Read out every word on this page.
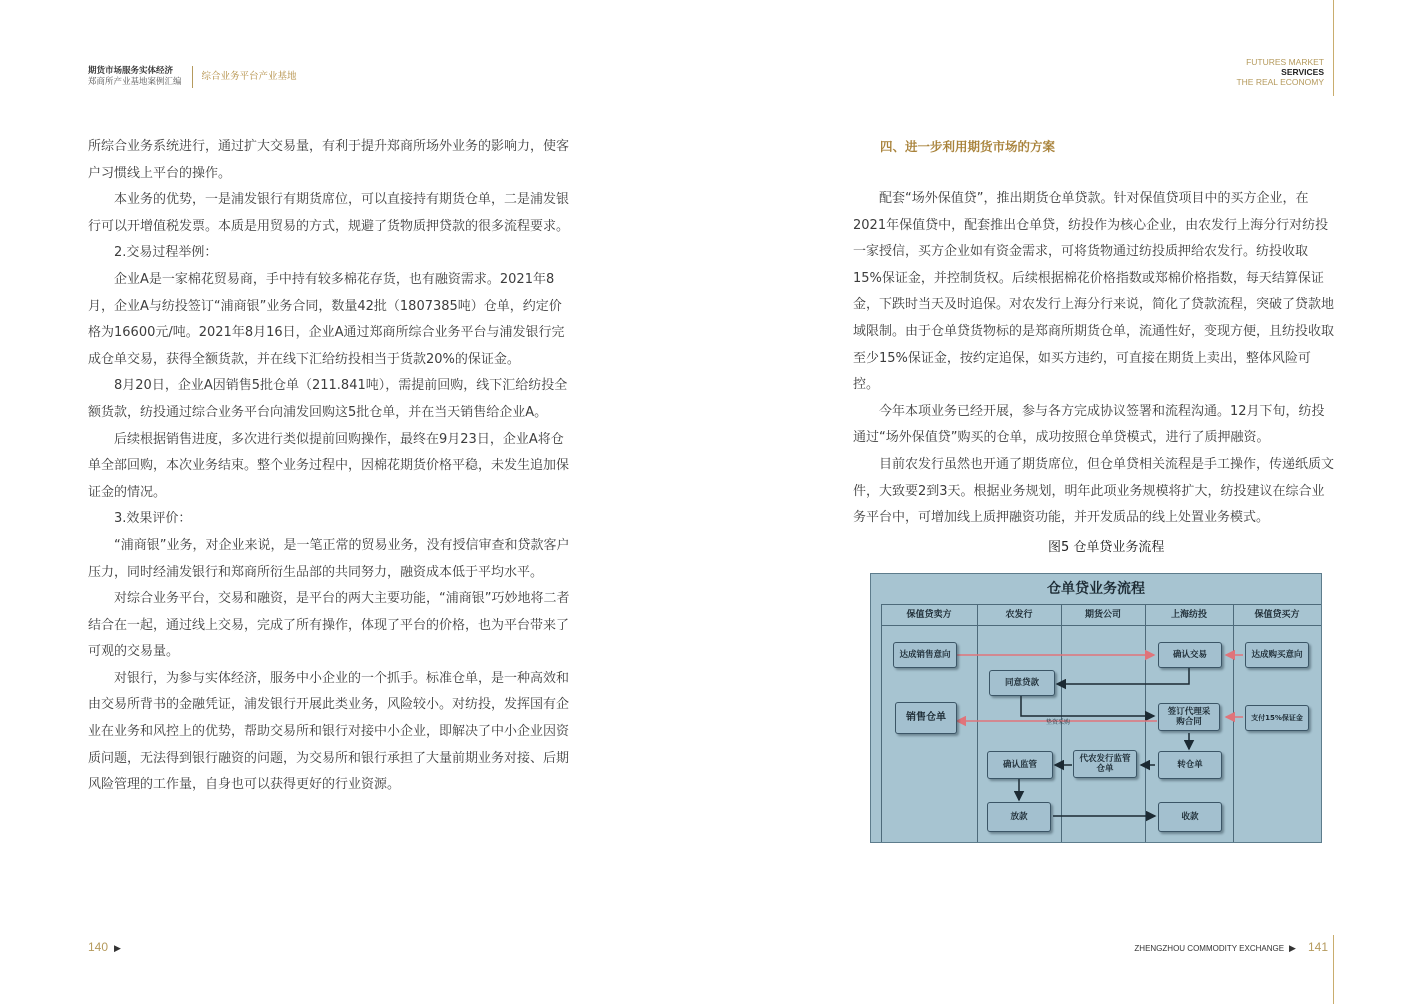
期货市场服务实体经济
郑商所产业基地案例汇编 综合业务平台产业基地

所综合业务系统进行，通过扩大交易量，有利于提升郑商所场外业务的影响力，使客户习惯线上平台的操作。

本业务的优势，一是浦发银行有期货席位，可以直接持有期货仓单，二是浦发银行可以开增值税发票。本质是用贸易的方式，规避了货物质押贷款的很多流程要求。

2.交易过程举例：

企业A是一家棉花贸易商，手中持有较多棉花存货，也有融资需求。2021年8月，企业A与纺投签订“浦商银”业务合同，数量42批（1807385吨）仓单，约定价格为16600元/吨。2021年8月16日，企业A通过郑商所综合业务平台与浦发银行完成仓单交易，获得全额货款，并在线下汇给纺投相当于货款20%的保证金。

8月20日，企业A因销售5批仓单（211.841吨），需提前回购，线下汇给纺投全额货款，纺投通过综合业务平台向浦发回购这5批仓单，并在当天销售给企业A。

后续根据销售进度，多次进行类似提前回购操作，最终在9月23日，企业A将仓单全部回购，本次业务结束。整个业务过程中，因棉花期货价格平稳，未发生追加保证金的情况。

3.效果评价：

“浦商银”业务，对企业来说，是一笔正常的贸易业务，没有授信审查和贷款客户压力，同时经浦发银行和郑商所衍生品部的共同努力，融资成本低于平均水平。

对综合业务平台，交易和融资，是平台的两大主要功能，“浦商银”巧妙地将二者结合在一起，通过线上交易，完成了所有操作，体现了平台的价格，也为平台带来了可观的交易量。

对银行，为参与实体经济，服务中小企业的一个抓手。标准仓单，是一种高效和由交易所背书的金融凭证，浦发银行开展此类业务，风险较小。对纺投，发挥国有企业在业务和风控上的优势，帮助交易所和银行对接中小企业，即解决了中小企业因资质问题，无法得到银行融资的问题，为交易所和银行承担了大量前期业务对接、后期风险管理的工作量，自身也可以获得更好的行业资源。

140 ▶
FUTURES MARKET
SERVICES
THE REAL ECONOMY
四、进一步利用期货市场的方案

配套“场外保值贷”，推出期货仓单贷款。针对保值贷项目中的买方企业，在2021年保值贷中，配套推出仓单贷，纺投作为核心企业，由农发行上海分行对纺投一家授信，买方企业如有资金需求，可将货物通过纺投质押给农发行。纺投收取15%保证金，并控制货权。后续根据棉花价格指数或郑棉价格指数，每天结算保证金，下跌时当天及时追保。对农发行上海分行来说，简化了贷款流程，突破了贷款地域限制。由于仓单贷货物标的是郑商所期货仓单，流通性好，变现方便，且纺投收取至少15%保证金，按约定追保，如买方违约，可直接在期货上卖出，整体风险可控。

今年本项业务已经开展，参与各方完成协议签署和流程沟通。12月下旬，纺投通过“场外保值贷”购买的仓单，成功按照仓单贷模式，进行了质押融资。

目前农发行虽然也开通了期货席位，但仓单贷相关流程是手工操作，传递纸质文件，大致要2到3天。根据业务规划，明年此项业务规模将扩大，纺投建议在综合业务平台中，可增加线上质押融资功能，并开发质品的线上处置业务模式。

图5 仓单贷业务流程
仓单贷业务流程
保值贷卖方	农发行	期货公司	上海纺投	保值贷买方
垫资采购
达成销售意向	确认交易	达成购买意向
同意贷款
销售仓单	签订代理采购合同	支付15%保证金
确认监管
代农发行监管仓单	转仓单
放款	收款
ZHENGZHOU COMMODITY EXCHANGE ▶ 141
